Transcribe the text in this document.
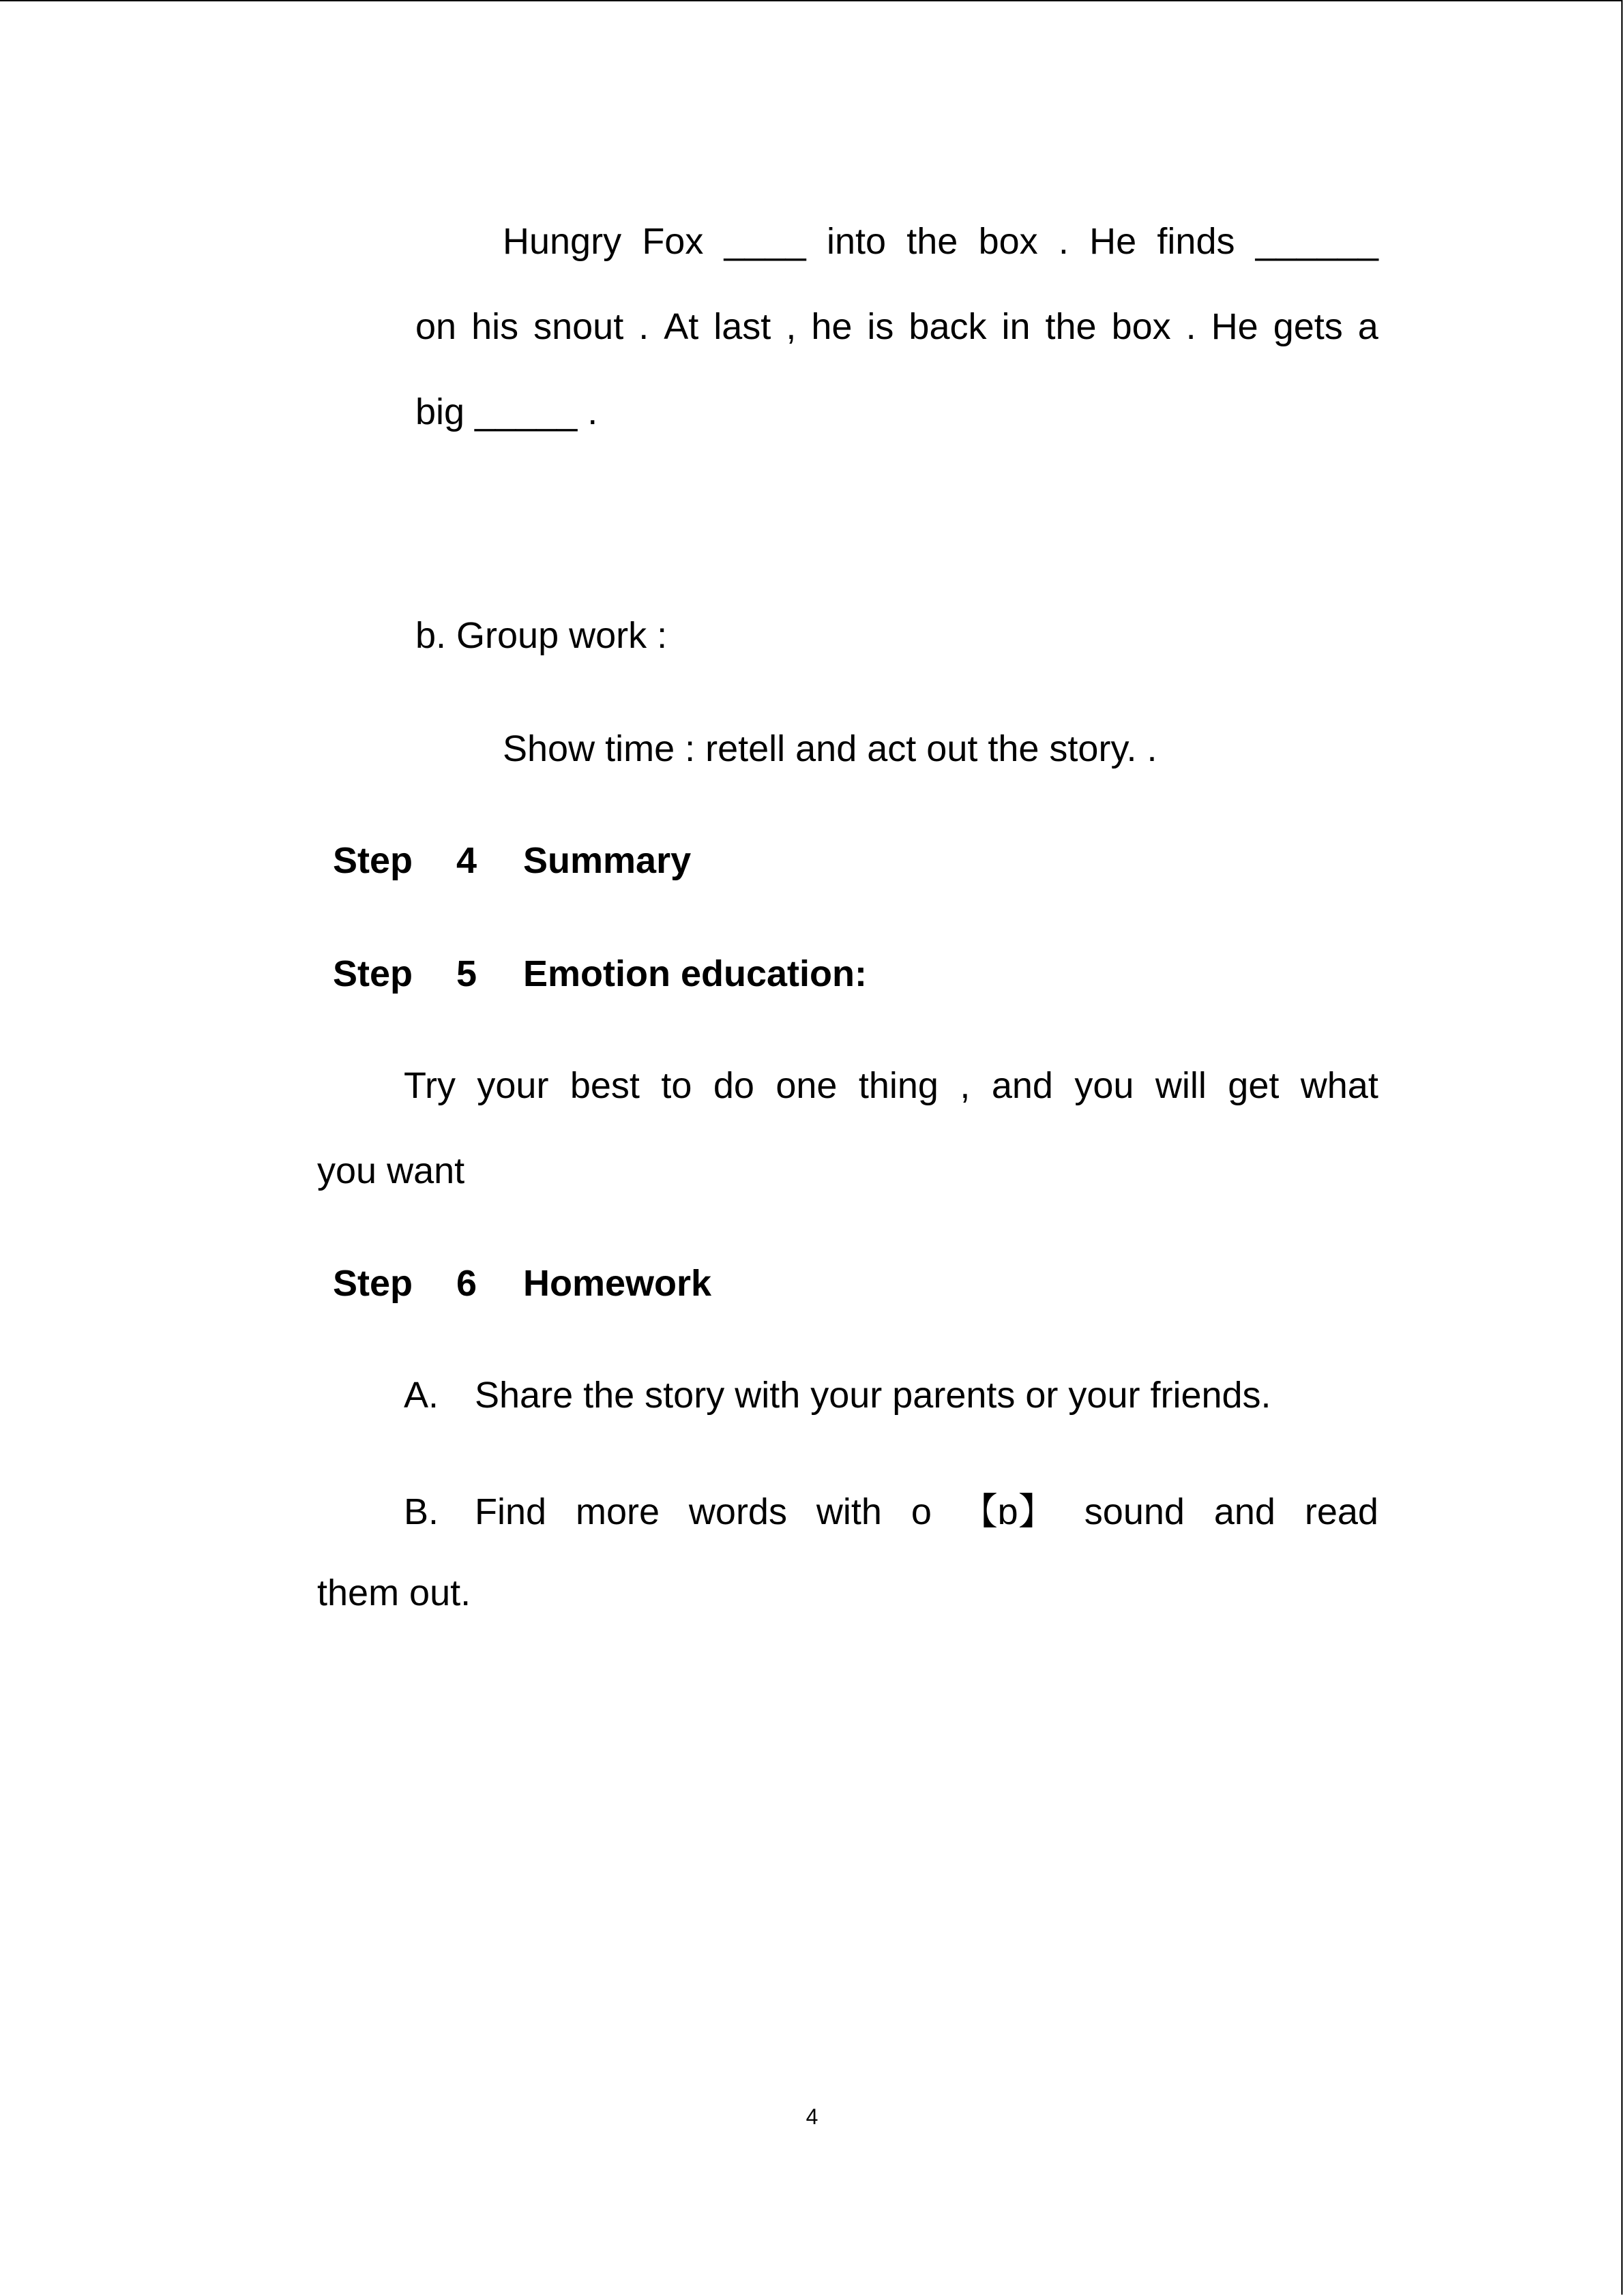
Hungry Fox ____ into the box . He finds ______
on his snout . At last , he is back in the box . He gets a
big _____ .
b. Group work :
Show time : retell and act out the story. .
Step 4 Summary
Step 5 Emotion education:
Try your best to do one thing , and you will get what
you want
Step 6 Homework
A. Share the story with your parents or your friends.
B. Find more words with o 【ɒ】 sound and read
them out.
4
